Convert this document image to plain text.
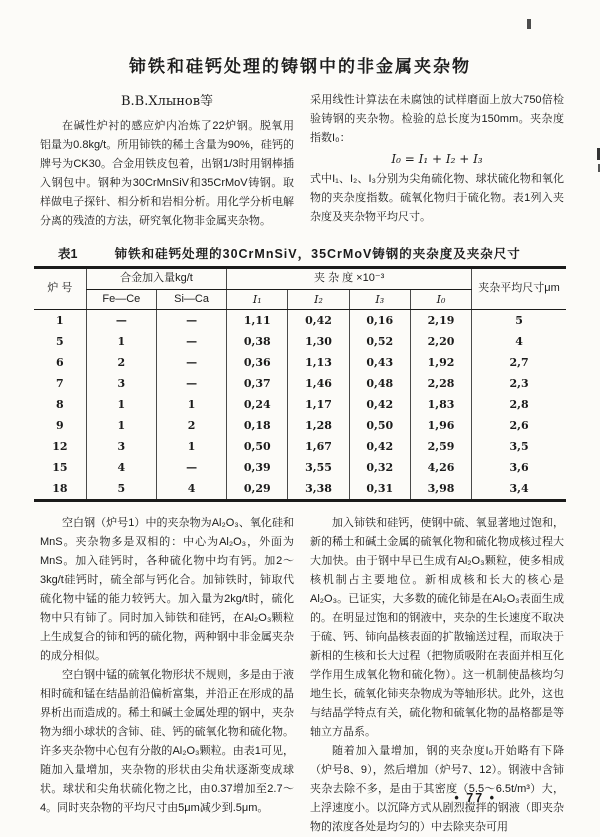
铈铁和硅钙处理的铸钢中的非金属夹杂物
В.В.Хлынов等

在碱性炉衬的感应炉内冶炼了22炉钢。脱氧用铝量为0.8kg/t。所用铈铁的稀土含量为90%，硅钙的牌号为CK30。合金用铁皮包着，出钢1/3时用钢棒插入钢包中。钢种为30CrMnSiV和35CrMoV铸钢。取样做电子探针、相分析和岩相分析。用化学分析电解分离的残渣的方法，研究氧化物非金属夹杂物。

采用线性计算法在未腐蚀的试样磨面上放大750倍检验铸钢的夹杂物。检验的总长度为150mm。夹杂度指数I₀：

I₀ = I₁ + I₂ + I₃

式中I₁、I₂、I₃分别为尖角硫化物、球状硫化物和氧化物的夹杂度指数。硫氧化物归于硫化物。表1列入夹杂度及夹杂物平均尺寸。

表1	铈铁和硅钙处理的30CrMnSiV，35CrMoV铸钢的夹杂度及夹杂尺寸
炉 号	合金加入量kg/t		夹 杂 度 ×10⁻³				夹杂平均尺寸μm
	Fe—Ce	Si—Ca	I₁	I₂	I₃	I₀	
1	—	—	1,11	0,42	0,16	2,19	5
5	1	—	0,38	1,30	0,52	2,20	4
6	2	—	0,36	1,13	0,43	1,92	2,7
7	3	—	0,37	1,46	0,48	2,28	2,3
8	1	1	0,24	1,17	0,42	1,83	2,8
9	1	2	0,18	1,28	0,50	1,96	2,6
12	3	1	0,50	1,67	0,42	2,59	3,5
15	4	—	0,39	3,55	0,32	4,26	3,6
18	5	4	0,29	3,38	0,31	3,98	3,4

空白钢（炉号1）中的夹杂物为Al₂O₃、氧化硅和MnS。夹杂物多是双相的：中心为Al₂O₃，外面为MnS。加入硅钙时，各种硫化物中均有钙。加2～3kg/t硅钙时，硫全部与钙化合。加铈铁时，铈取代硫化物中锰的能力较钙大。加入量为2kg/t时，硫化物中只有铈了。同时加入铈铁和硅钙，在Al₂O₃颗粒上生成复合的铈和钙的硫化物，两种钢中非金属夹杂的成分相似。

空白钢中锰的硫氧化物形状不规则，多是由于液相时硫和锰在结晶前沿偏析富集，并沿正在形成的晶界析出而造成的。稀土和碱土金属处理的钢中，夹杂物为细小球状的含铈、硅、钙的硫氧化物和硫化物。许多夹杂物中心包有分散的Al₂O₃颗粒。由表1可见，随加入量增加，夹杂物的形状由尖角状逐渐变成球状。球状和尖角状硫化物之比，由0.37增加至2.7～4。同时夹杂物的平均尺寸由5μm减少到.5μm。

加入铈铁和硅钙，使钢中硫、氧显著地过饱和，新的稀土和碱土金属的硫氧化物和硫化物成核过程大大加快。由于钢中早已生成有Al₂O₃颗粒，使多相成核机制占主要地位。新相成核和长大的核心是Al₂O₃。已证实，大多数的硫化铈是在Al₂O₃表面生成的。在明显过饱和的钢液中，夹杂的生长速度不取决于硫、钙、铈向晶核表面的扩散输送过程，而取决于新相的生核和长大过程（把物质吸附在表面并相互化学作用生成氧化物和硫化物）。这一机制使晶核均匀地生长，硫氧化铈夹杂物成为等轴形状。此外，这也与结晶学特点有关，硫化物和硫氧化物的晶格都是等轴立方晶系。

随着加入量增加，钢的夹杂度I₀开始略有下降（炉号8、9），然后增加（炉号7、12）。钢液中含铈夹杂去除不多，是由于其密度（5.5～6.5t/m³）大，上浮速度小。以沉降方式从剧烈搅拌的钢液（即夹杂物的浓度各处是均匀的）中去除夹杂可用

• 77 •
